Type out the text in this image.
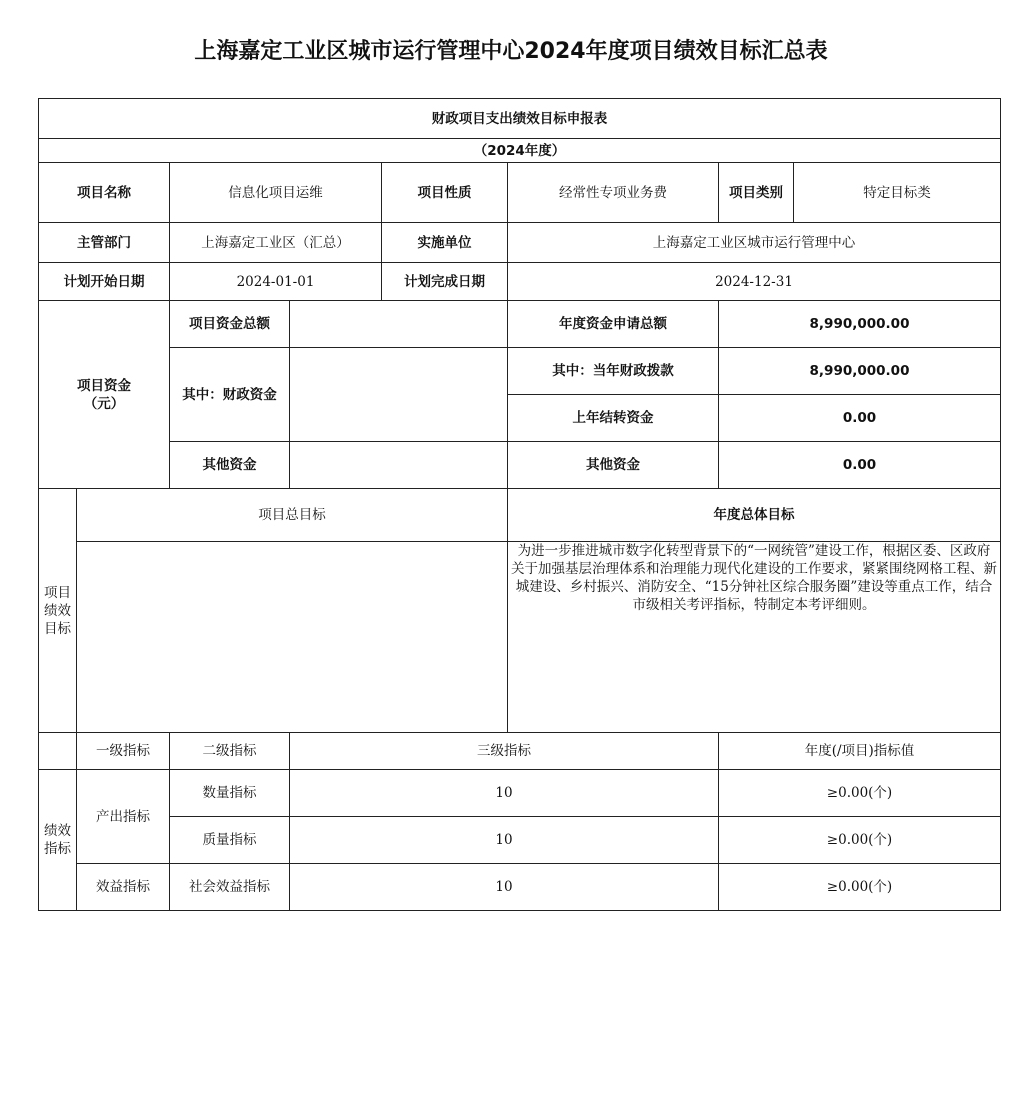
上海嘉定工业区城市运行管理中心2024年度项目绩效目标汇总表
财政项目支出绩效目标申报表							
（2024年度）							
项目名称		信息化项目运维		项目性质	经常性专项业务费	项目类别	特定目标类
主管部门		上海嘉定工业区（汇总）		实施单位	上海嘉定工业区城市运行管理中心		
计划开始日期		2024-01-01		计划完成日期	2024-12-31		

项目资金
（元）		项目资金总额			年度资金申请总额	8,990,000.00	
		其中：财政资金			其中：当年财政拨款	8,990,000.00	
					上年结转资金	0.00	
		其他资金			其他资金	0.00	

项目
绩效
目标	项目总目标				年度总体目标		
					为进一步推进城市数字化转型背景下的“一网统管”建设工作，根据区委、区政府关于加强基层治理体系和治理能力现代化建设的工作要求，紧紧围绕网格工程、新城建设、乡村振兴、消防安全、“15分钟社区综合服务圈”建设等重点工作，结合市级相关考评指标，特制定本考评细则。		
	一级指标	二级指标	三级指标			年度(/项目)指标值	

绩效
指标	产出指标	数量指标	10			≥0.00(个)	
		质量指标	10			≥0.00(个)	
	效益指标	社会效益指标	10			≥0.00(个)	
